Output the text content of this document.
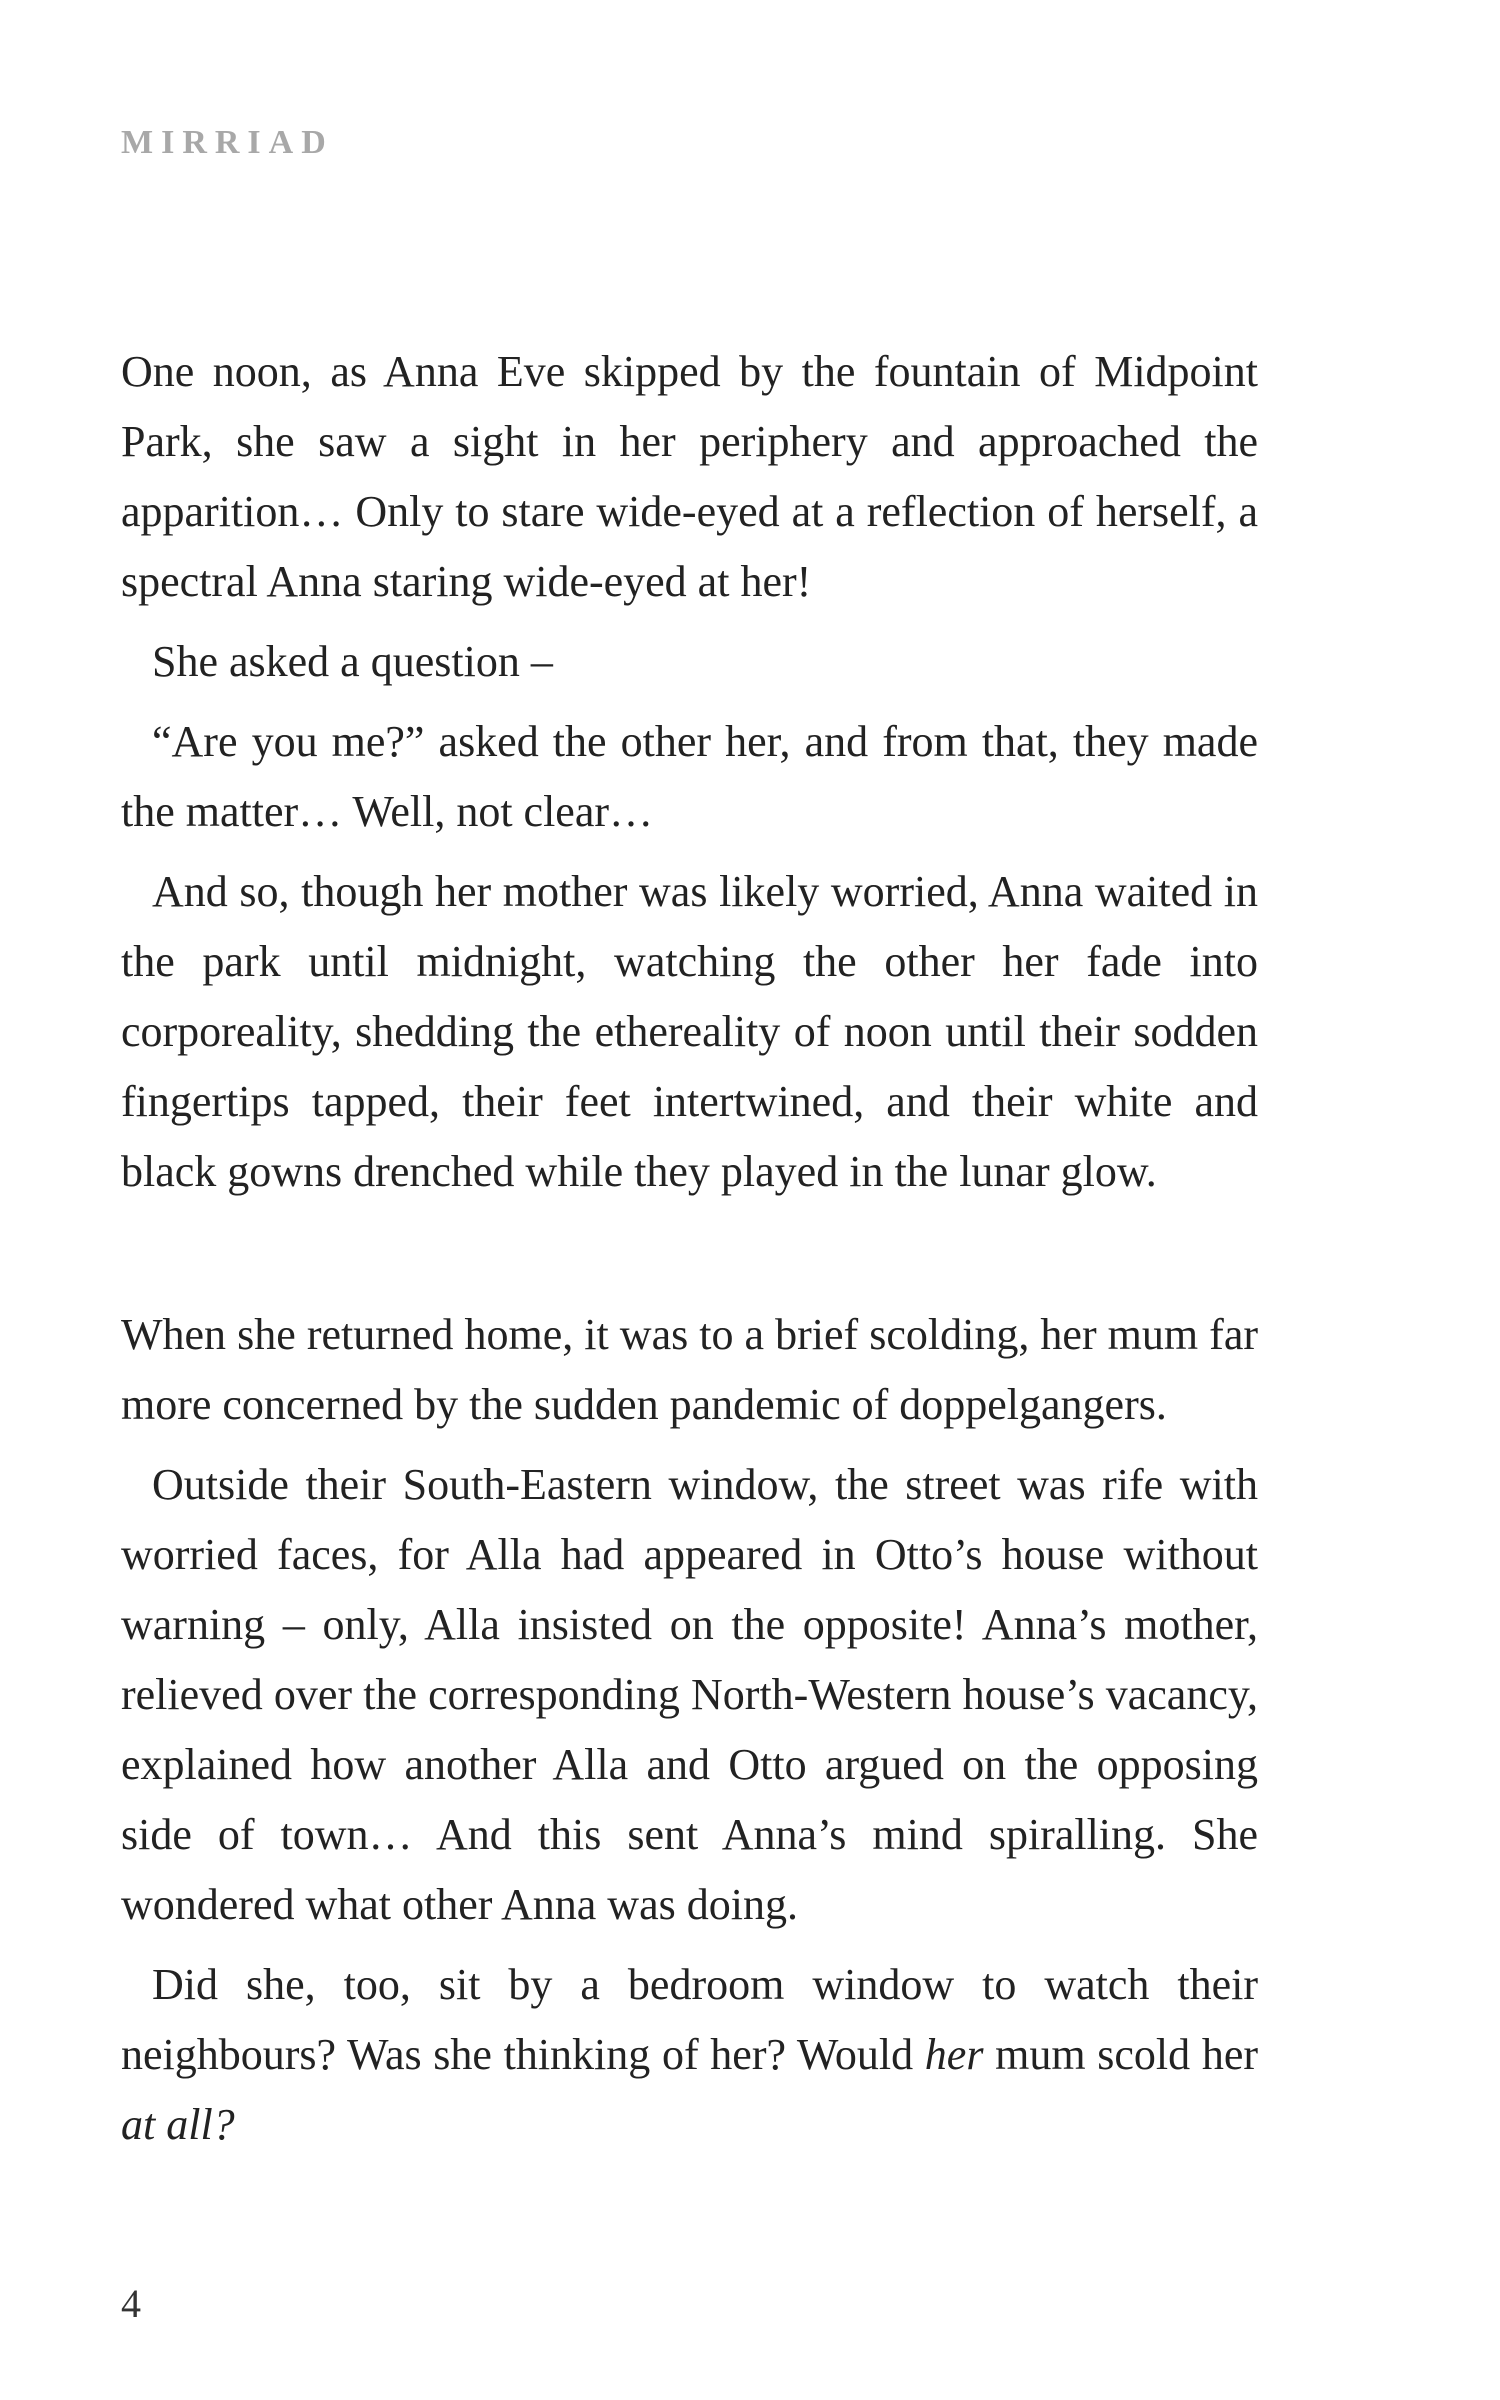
MIRRIAD

One noon, as Anna Eve skipped by the fountain of Midpoint Park, she saw a sight in her periphery and approached the apparition… Only to stare wide-eyed at a reflection of herself, a spectral Anna staring wide-eyed at her!

She asked a question –

“Are you me?” asked the other her, and from that, they made the matter… Well, not clear…

And so, though her mother was likely worried, Anna waited in the park until midnight, watching the other her fade into corporeality, shedding the ethereality of noon until their sodden fingertips tapped, their feet intertwined, and their white and black gowns drenched while they played in the lunar glow.

When she returned home, it was to a brief scolding, her mum far more concerned by the sudden pandemic of doppelgangers.

Outside their South-Eastern window, the street was rife with worried faces, for Alla had appeared in Otto’s house without warning – only, Alla insisted on the opposite! Anna’s mother, relieved over the corresponding North-Western house’s vacancy, explained how another Alla and Otto argued on the opposing side of town… And this sent Anna’s mind spiralling. She wondered what other Anna was doing.

Did she, too, sit by a bedroom window to watch their neighbours? Was she thinking of her? Would her mum scold her at all?

4
